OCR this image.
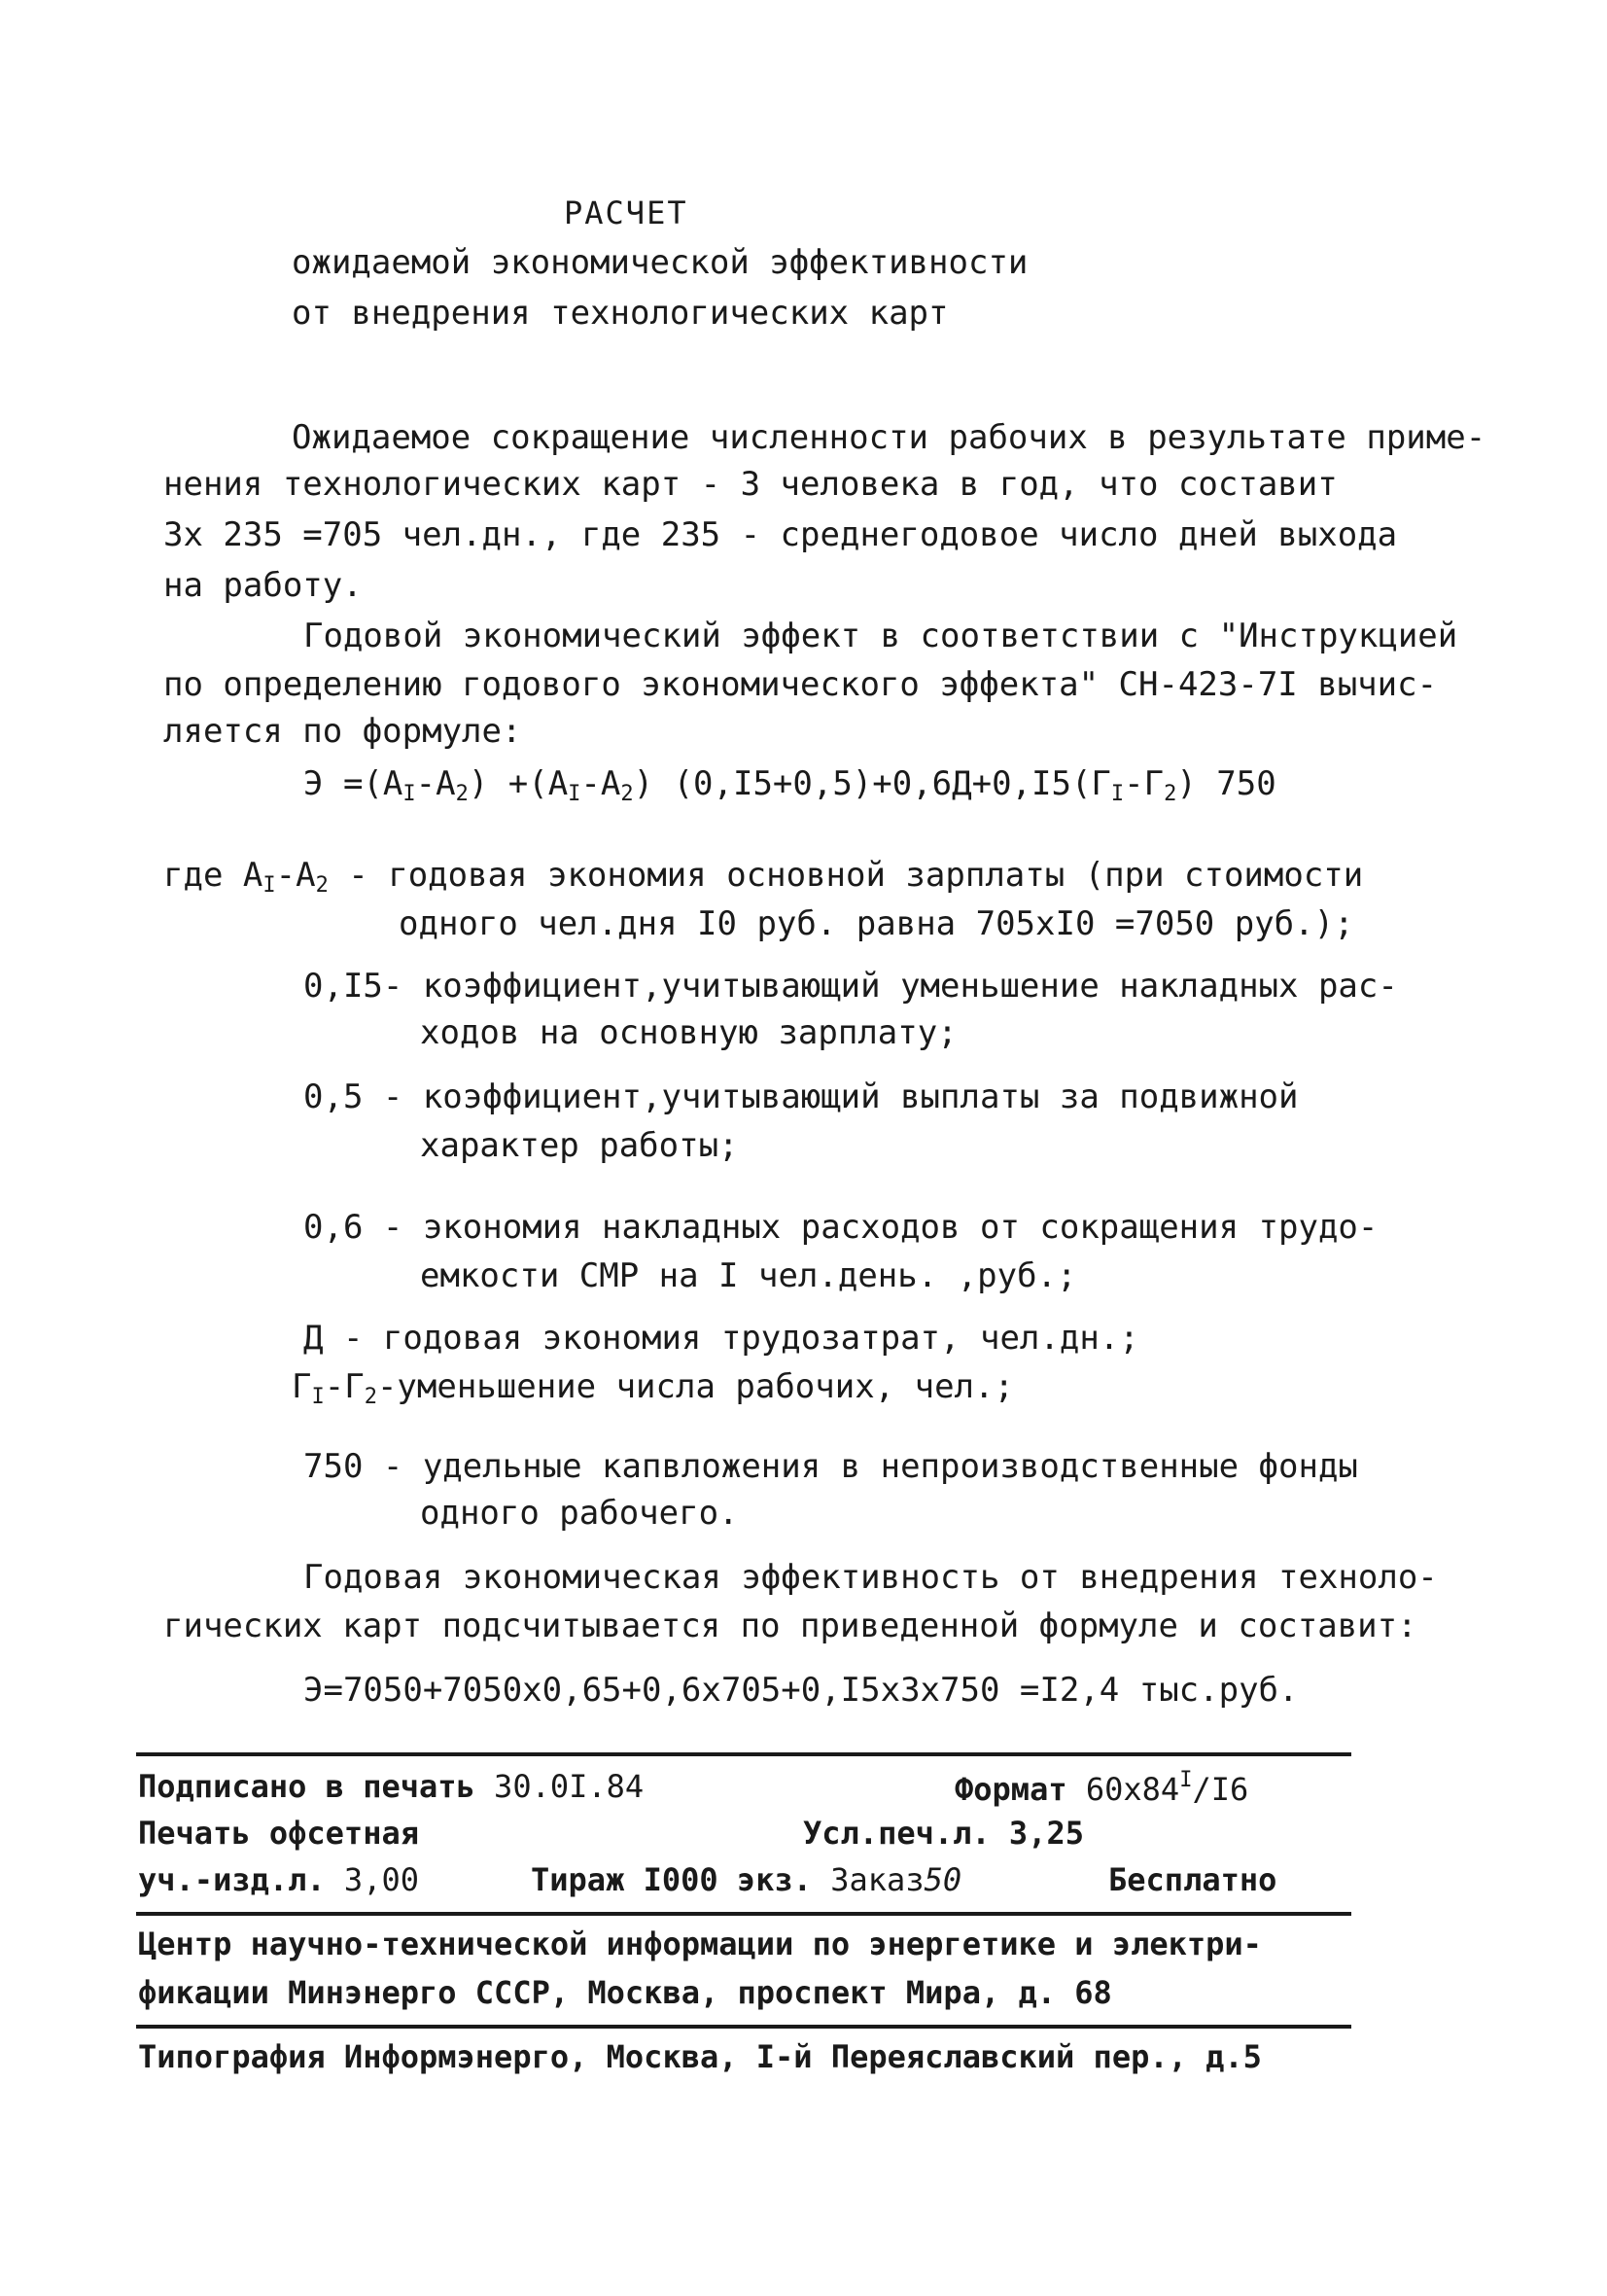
РАСЧЕТ
ожидаемой экономической эффективности
от внедрения технологических карт
Ожидаемое сокращение численности рабочих в результате приме-
нения технологических карт - 3 человека в год, что составит
3х 235 =705 чел.дн., где 235 - среднегодовое число дней выхода
на работу.
Годовой экономический эффект в соответствии с "Инструкцией
по определению годового экономического эффекта" СН-423-7I вычис-
ляется по формуле:
$Э =(А_I-А_2) +(А_I-А_2)$ $(0,I5+0,5)+0,6Д+0,I5(Г_I-Г_2)$ 750
где $А_I-А_2$ - годовая экономия основной зарплаты (при стоимости
одного чел.дня I0 руб. равна 705хI0 =7050 руб.);
0,I5- коэффициент,учитывающий уменьшение накладных рас-
ходов на основную зарплату;
0,5 - коэффициент,учитывающий выплаты за подвижной
характер работы;
0,6 - экономия накладных расходов от сокращения трудо-
емкости СМР на I чел.день. ,руб.;
Д - годовая экономия трудозатрат, чел.дн.;
$Г_I-Г_2$-уменьшение числа рабочих, чел.;
750 - удельные капвложения в непроизводственные фонды
одного рабочего.
Годовая экономическая эффективность от внедрения техноло-
гических карт подсчитывается по приведенной формуле и составит:
Э=7050+7050х0,65+0,6х705+0,I5х3х750 =I2,4 тыс.руб.
Подписано в печать 30.0I.84	Формат $60х84^I/I6$
Печать офсетная	Усл.печ.л. 3,25
уч.-изд.л. 3,00	Тираж I000 экз. Заказ50	Бесплатно
Центр научно-технической информации по энергетике и электри-
фикации Минэнерго СССР, Москва, проспект Мира, д. 68
Типография Информэнерго, Москва, I-й Переяславский пер., д.5
